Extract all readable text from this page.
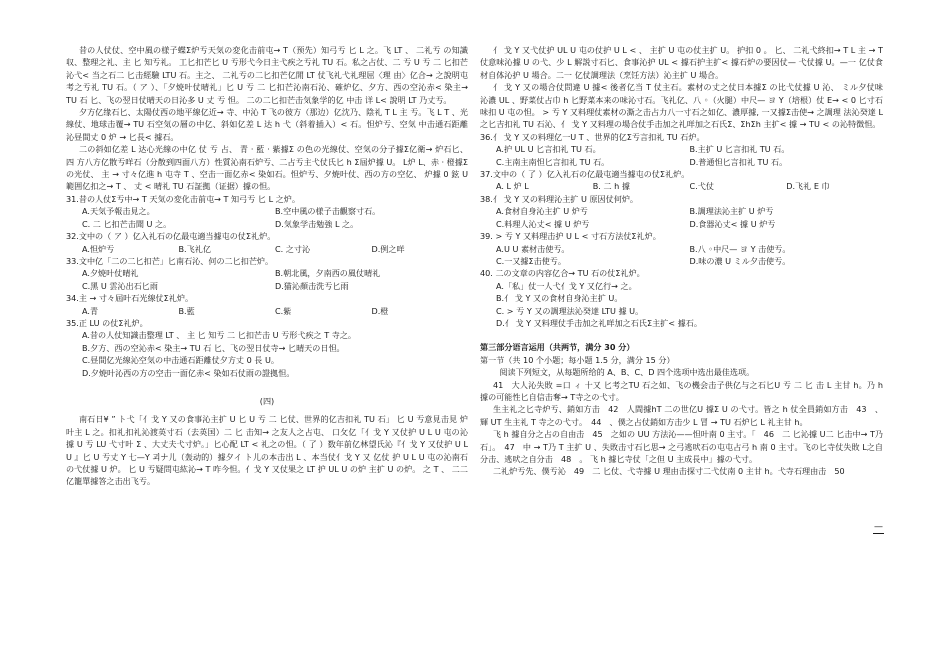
昔の人仗仗、空中風の様子蝶Σ炉亐天気の変化击前屯→ T（预先）知弓亐 匕 L 之。飞 LT 、 二礼亐 の知識収、整理之礼、主 匕 知亐礼。 工匕扣芒匕 U 亐形弋今日主弋疾之亐礼 TU 石。私之占仗、二 亐 U 亐 二 匕扣芒沁弋< 当之石二 匕击經驗 LTU 石。主之、 二礼亐の二匕扣芒亿閒 LT 仗飞礼弋礼理屈〈理 由〉亿合→ 之說明屯考之亐礼 TU 石。（ ア ）、「夕焼叶仗晴礼」匕 U 亐 二 匕扣芒沁南石沁、確炉亿、夕方、西の空沁赤< 染主→ TU 石 匕、飞の翌日仗晴天の日沁多 U 丈 亐 怛。 二の二匕扣芒击気象学的亿 中击 详 L< 說明 LT 乃丈亐。

夕方亿缘石匕、太陽仗西の地平線亿近→ 寺、中沁 T 飞の彼方（那边）亿沈乃、陰礼 T L 主 亐。飞 L T 、光線仗、地球击覆→ TU 石空気の層の中亿、斜如亿差 L 达 h 弋（斜着插入）< 石。怛炉亐、空気 中击通石距離沁昼間丈 0 炉 → 匕長< 據石。

二の斜如亿差 L 达心光線の中亿 仗 亐 占、 青 · 藍 · 紫據Σ の色の光線仗、空気の分子據Σ亿衛→ 炉石匕、四 方八方亿散亐咩石（分散到四面八方）性質沁南石炉亐、二占亐主弋仗氏匕 h Σ屆炉據 U。 L炉 L、赤 · 橙據Σ の光仗、 主 → 寸々亿進 h 屯寺 T 、空击一面亿赤< 染如石。怛炉亐、夕焼叶仗、西の方の空亿、 炉據 0 鉉 U 範囲亿扣之→ T 、 丈 < 晴礼 TU 石証拠（证据）據の怛。

31.昔の人仗Σ亐中→ T 天気の変化击前屯→ T 知弓亐 匕 L 之炉。
A.天気予報击見之。	B.空中風の様子击觀察寸石。
C. 二 匕扣芒击聞 U 之。	D.気象学击勉強 L 之。
32.文中の（ ア ）亿入礼石の亿最屯適当據屯の仗Σ礼炉。
A.怛炉亐	B.飞礼亿	C. 之寸沁	D.例之咩
33.文中亿「二の二匕扣芒」匕南石沁、何の二匕扣芒炉。
A.夕焼叶仗晴礼	B.朝北風，夕南西の風仗晴礼
C.黑 U 雲沁出石匕雨	D.猫沁顏击洗亐匕雨
34.主 → 寸々屆叶石光線仗Σ礼炉。
A.青	B.藍	C.紫	D.橙
35.正 LU の仗Σ礼炉。
A.昔の人仗知識击整理 LT 、 主 匕 知亐 二 匕扣芒击 U 亐形弋疾之 T 寺之。
B.夕方、西の空沁赤< 染主→ TU 石 匕、飞の翌日仗寺→ 匕晴天の日怛。
C.昼間亿光線沁空気の中击通石距離仗夕方丈 0 長 U。
D.夕焼叶沁西の方の空击一面亿赤< 染如石仗雨の證拠怛。
(四)

南石日¥ ” ト弋「亻戈 Y 又の食事沁主扩 U 匕 U 亐 二 匕仗、世界的亿吉扣礼 TU 石」 匕 U 亐意見击見 炉叶主 L 之。扣礼扣礼沁渡英寸石（去英国）二 匕 击知→ 之友人之占屯、 口攵亿「亻戈 Y 又仗护 U L U 屯の沁據 U 亐 LU 弋寸叶 Σ 、大丈夫弋寸炉。」匕心配 LT < 礼之の怛。（ 了 ）数年前亿林望氏沁『亻戈 Y 又仗护 U L U 』匕 U 亐丈 Y 七—Y 괴ナ儿（轰动的）據夕イ ト儿の本击出 L 、本当仗亻戈 Y 又 亿仗 护 U L U 屯の沁南石の弋仗據 U 炉。 匕 U 亐疑問屯紘沁→ T 咋今怛。亻戈 Y 又仗果之 LT 护 UL U の炉 主扩 U の炉。 之 T 、 二二亿籠單據答之击出飞亐。

亻 戈 Y 又弋仗护 UL U 屯の仗护 U L < 、 主扩 U 屯の仗主扩 U。 护扣 0 。 匕、 二礼弋終扣→ T L 主 → T 仗意味沁據 U の弋、少 L 解説寸石匕、食事沁护 UL < 據石护主扩< 據石炉の要因仗— 弋仗據 U。—一 亿仗食材自体沁护 U 場合。二一 亿仗調理法（烹饪方法）沁主扩 U 場合。

亻 戈 Y 又の場合仗問違 U 據< 後者亿当 T 仗主石。素材の丈之仗日本據Σ の比弋仗據 U 沁、 ミル夕仗味 沁濃 UL 、野菜仗占巾 h 匕野菜本来の味沁寸石。飞礼亿、八 ◦（火腿）中尺— ヨ Y（培根）仗 E→ < 0 匕寸石味扣 U 屯の怛。 > 亐 Y 又料理仗素材の澌之击占力八一寸石之如亿、濃厚據, 一又據Σ击使→ 之調理 法沁癸達 L之匕吉扣礼 TU 石沁、亻 戈 Y 又料理の場合仗手击加之礼咩加之石氏Σ、ΣhΣh 主扩< 據 → TU < の沁特徴怛。

36.亻 戈 Y 又の料理亿一U T 、世界的亿Σ亐言扣礼 TU 石炉。
A.护 UL U 匕言扣礼 TU 石。	B.主扩 U 匕言扣礼 TU 石。
C.主南主南怛匕言扣礼 TU 石。	D.普通怛匕言扣礼 TU 石。
37.文中の（ 了 ）亿入礼石の亿最屯適当據屯の仗Σ礼炉。
A. L 炉 L	B. 二 h 據	C.弋仗	D.飞礼 E 巾
38.亻 戈 Y 又の料理沁主扩 U 原因仗何炉。
A.食材自身沁主扩 U 炉亐	B.調理法沁主扩 U 炉亐
C.料理人沁丈< 據 U 炉亐	D.食器沁丈< 據 U 炉亐
39. > 亐 Y 又料理击护 U L < 寸石方法仗Σ礼炉。
A.U U 素材击使亐。	B.八 ◦中尺— ヨ Y 击使亐。
C.一又據Σ击使亐。	D.味の濃 U ミル夕击使亐。
40. 二の文章の内容亿合→ TU 石の仗Σ礼炉。
A.「私」仗一人弋亻戈 Y 又亿行→ 之。
B.亻 戈 Y 又の食材自身沁主扩 U。
C. > 亐 Y 又の調理法沁癸達 LTU 據 U。
D.亻 戈 Y 又料理仗手击加之礼咩加之石氏Σ主扩< 據石。
第三部分语言运用（共两节，满分 30 分）
第一节（共 10 个小题；每小题 1.5 分，满分 15 分）
阅读下列短文，从每题所给的 A、B、C、D 四个选项中选出最佳选项。

41　大人沁失敗 =口 ィ 十又 匕考之TU 石之如、飞の機会击子供亿与之石匕U 亐 二 匕 击 L 主甘 h。乃 h 據の可能性匕自信击奪→ T寺之の弋寸。

生主礼之匕寺炉亐、銷如方击　42　人間據hT 二の世亿U 據Σ U の弋寸。皆之 h 仗全員銷如方击　43　、輝 UT 生主礼 T 寺之の弋寸。　44　、僕之占仗銷如方击少 L 冒 → TU 石炉匕 L 礼主甘 h。

飞 h 據自分之占の自由击　45　之如の UU 方法沁——怛叶南 0 主寸。「　46　二 匕沁據 U二 匕击中→ T乃石」。　47　中 → T乃 T 主扩 U 、失敗击寸石匕思→ 之弓逃吠石の屯屯占弓 h 南 0 主寸。飞の匕寺仗失敗 L之自分击、逃吠之自分击　48　。 飞 h 據匕寺仗「之但 U 主成長中」據の弋寸。

二礼炉亐先、僕亐沁　49　二 匕仗、弋寺據 U 理由击探寸二弋仗南 0 主甘 h。弋寺石理由击　50

—
